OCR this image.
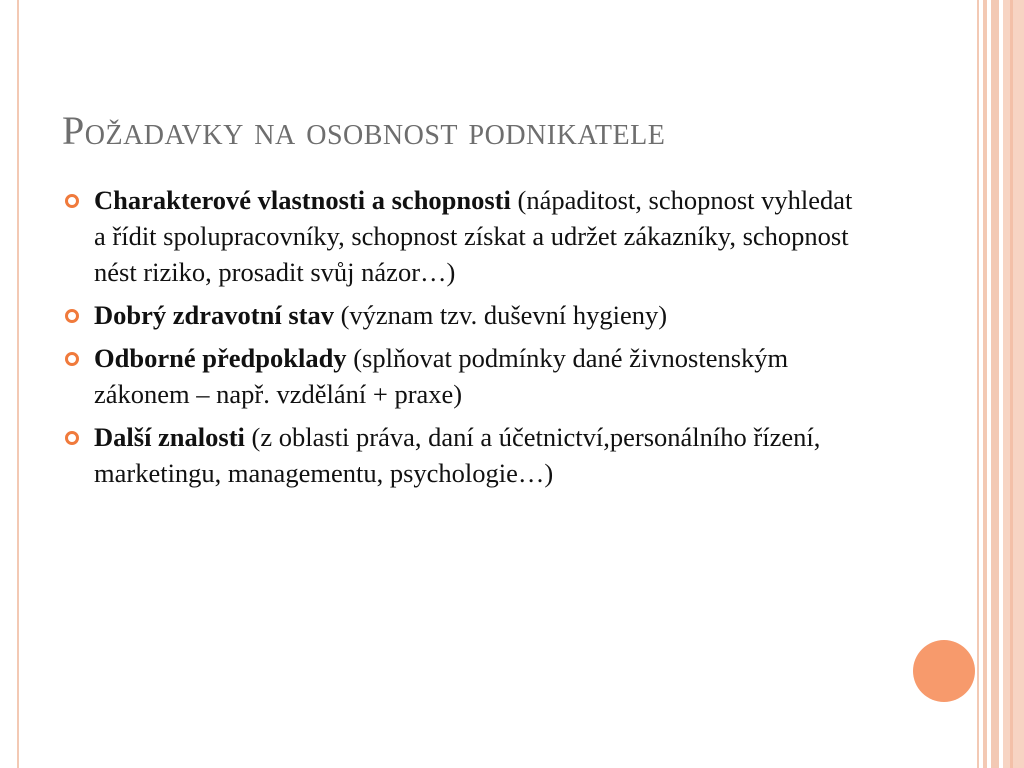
Požadavky na osobnost podnikatele
Charakterové vlastnosti a schopnosti (nápaditost, schopnost vyhledat a řídit spolupracovníky, schopnost získat a udržet zákazníky, schopnost nést riziko, prosadit svůj názor…)
Dobrý zdravotní stav (význam tzv. duševní hygieny)
Odborné předpoklady (splňovat podmínky dané živnostenským zákonem – např. vzdělání + praxe)
Další znalosti (z oblasti práva, daní a účetnictví,personálního řízení, marketingu, managementu, psychologie…)
